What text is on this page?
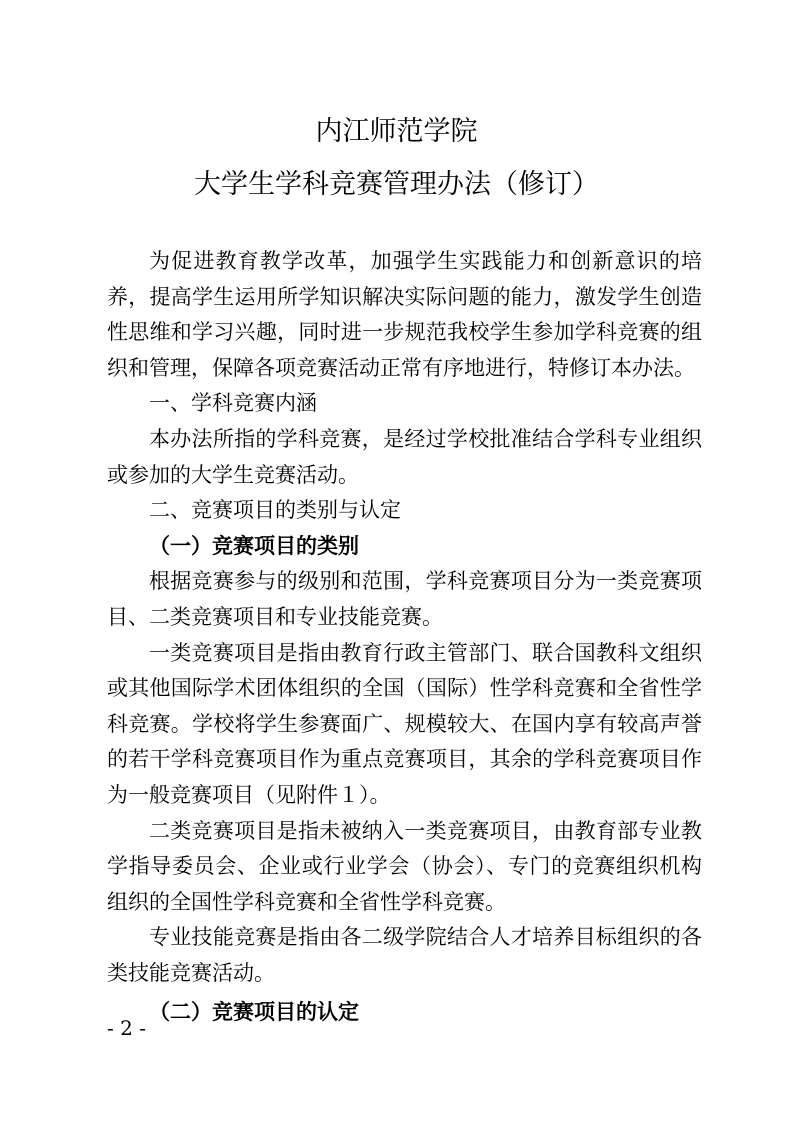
内江师范学院
大学生学科竞赛管理办法（修订）

为促进教育教学改革，加强学生实践能力和创新意识的培养，提高学生运用所学知识解决实际问题的能力，激发学生创造性思维和学习兴趣，同时进一步规范我校学生参加学科竞赛的组织和管理，保障各项竞赛活动正常有序地进行，特修订本办法。

一、学科竞赛内涵

本办法所指的学科竞赛，是经过学校批准结合学科专业组织或参加的大学生竞赛活动。

二、竞赛项目的类别与认定

（一）竞赛项目的类别

根据竞赛参与的级别和范围，学科竞赛项目分为一类竞赛项目、二类竞赛项目和专业技能竞赛。

一类竞赛项目是指由教育行政主管部门、联合国教科文组织或其他国际学术团体组织的全国（国际）性学科竞赛和全省性学科竞赛。学校将学生参赛面广、规模较大、在国内享有较高声誉的若干学科竞赛项目作为重点竞赛项目，其余的学科竞赛项目作为一般竞赛项目（见附件１）。

二类竞赛项目是指未被纳入一类竞赛项目，由教育部专业教学指导委员会、企业或行业学会（协会）、专门的竞赛组织机构组织的全国性学科竞赛和全省性学科竞赛。

专业技能竞赛是指由各二级学院结合人才培养目标组织的各类技能竞赛活动。

（二）竞赛项目的认定

- 2 -
